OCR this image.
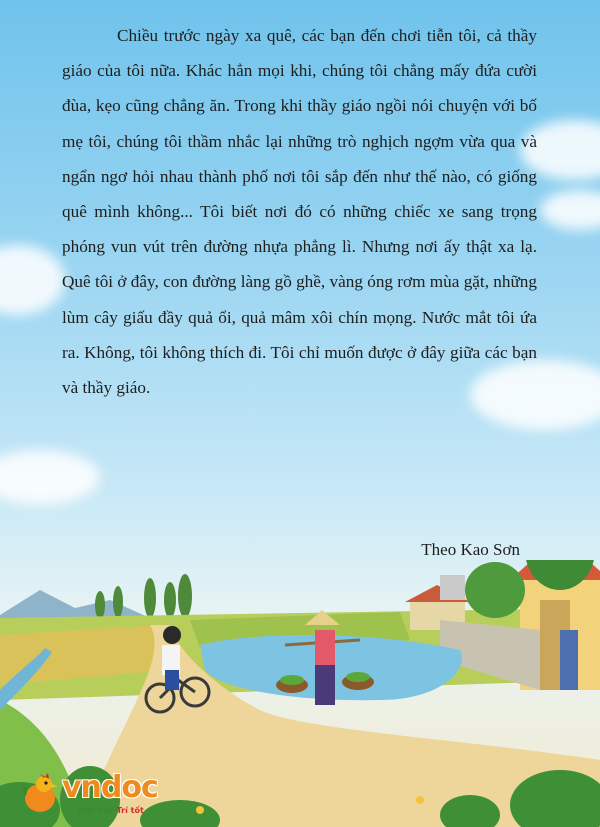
Chiều trước ngày xa quê, các bạn đến chơi tiễn tôi, cả thầy giáo của tôi nữa. Khác hẳn mọi khi, chúng tôi chẳng mấy đứa cười đùa, kẹo cũng chẳng ăn. Trong khi thầy giáo ngồi nói chuyện với bố mẹ tôi, chúng tôi thầm nhắc lại những trò nghịch ngợm vừa qua và ngẩn ngơ hỏi nhau thành phố nơi tôi sắp đến như thế nào, có giống quê mình không... Tôi biết nơi đó có những chiếc xe sang trọng phóng vun vút trên đường nhựa phẳng lì. Nhưng nơi ấy thật xa lạ. Quê tôi ở đây, con đường làng gồ ghề, vàng óng rơm mùa gặt, những lùm cây giấu đầy quả ổi, quả mâm xôi chín mọng. Nước mắt tôi ứa ra. Không, tôi không thích đi. Tôi chỉ muốn được ở đây giữa các bạn và thầy giáo.

Theo Kao Sơn
vndoc
Học hay Trí tốt
